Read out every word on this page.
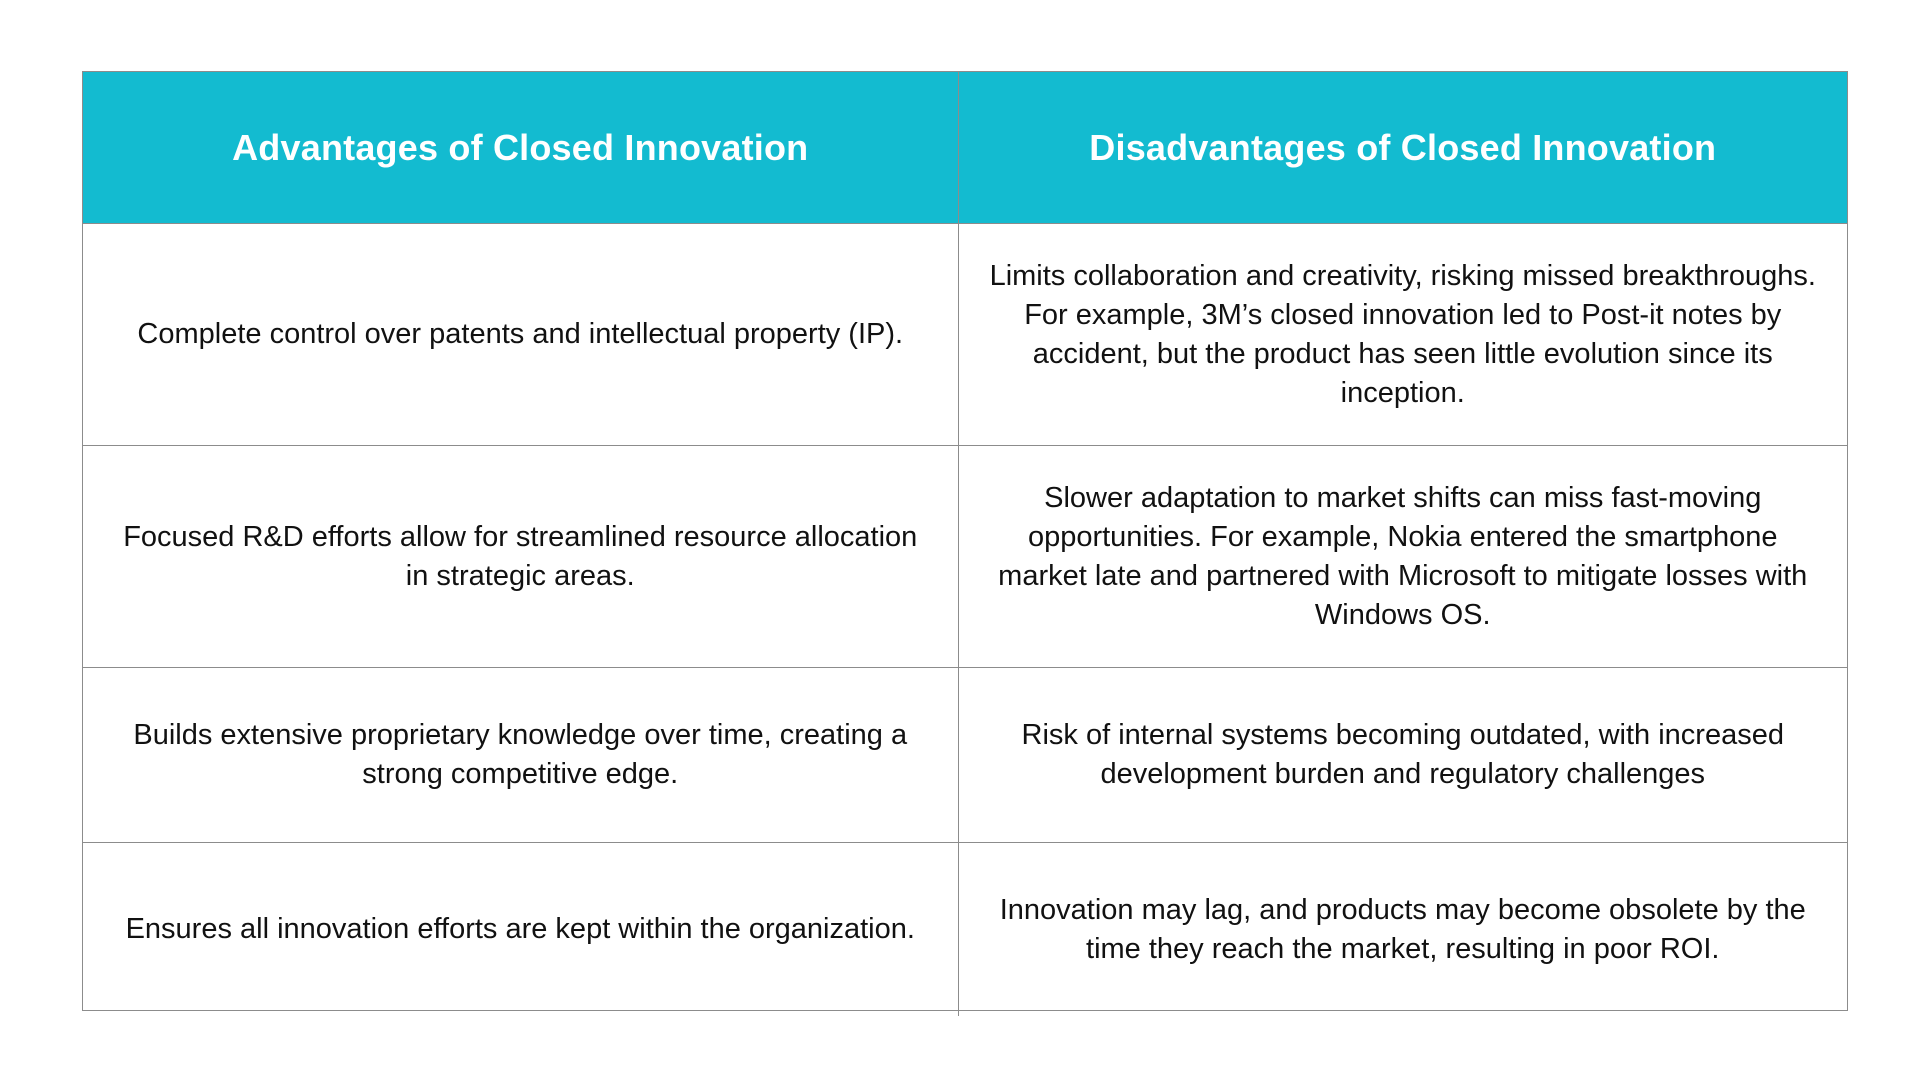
Advantages of Closed Innovation	Disadvantages of Closed Innovation
Complete control over patents and intellectual property (IP).	Limits collaboration and creativity, risking missed breakthroughs. For example, 3M’s closed innovation led to Post-it notes by accident, but the product has seen little evolution since its inception.
Focused R&D efforts allow for streamlined resource allocation in strategic areas.	Slower adaptation to market shifts can miss fast-moving opportunities. For example, Nokia entered the smartphone market late and partnered with Microsoft to mitigate losses with Windows OS.
Builds extensive proprietary knowledge over time, creating a strong competitive edge.	Risk of internal systems becoming outdated, with increased development burden and regulatory challenges
Ensures all innovation efforts are kept within the organization.	Innovation may lag, and products may become obsolete by the time they reach the market, resulting in poor ROI.
